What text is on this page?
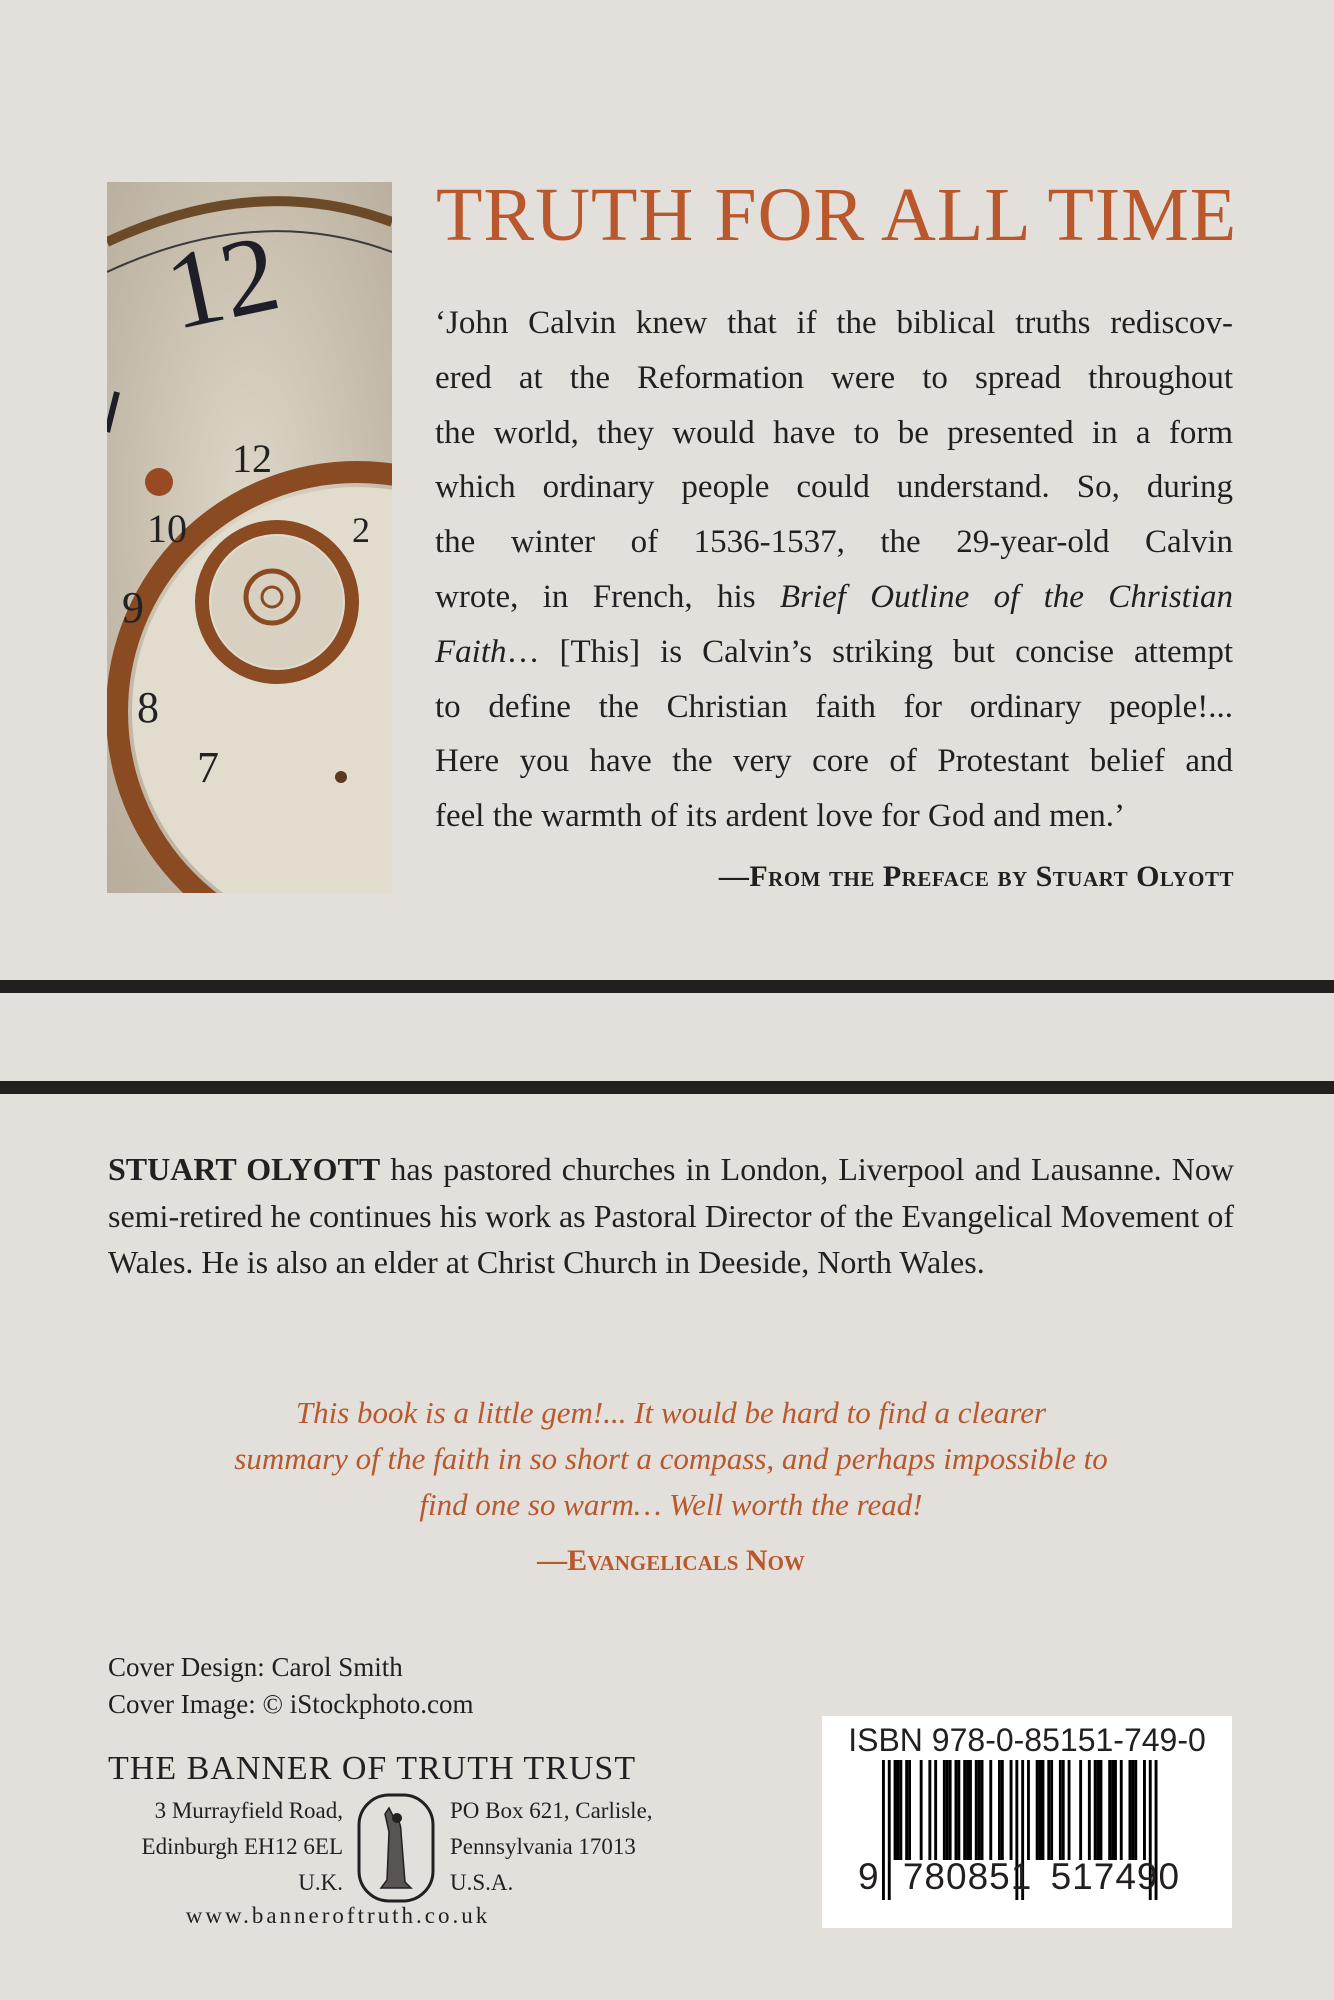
12
12
10
9
8
2
7
TRUTH FOR ALL TIME
‘John Calvin knew that if the biblical truths rediscov-
ered at the Reformation were to spread throughout
the world, they would have to be presented in a form
which ordinary people could understand. So, during
the winter of 1536-1537, the 29-year-old Calvin
wrote, in French, his Brief Outline of the Christian
Faith… [This] is Calvin’s striking but concise attempt
to define the Christian faith for ordinary people!...
Here you have the very core of Protestant belief and
feel the warmth of its ardent love for God and men.’
—From the Preface by Stuart Olyott
STUART OLYOTT has pastored churches in London, Liverpool and Lausanne. Now semi-retired he continues his work as Pastoral Director of the Evangelical Movement of Wales. He is also an elder at Christ Church in Deeside, North Wales.
This book is a little gem!... It would be hard to find a clearer
summary of the faith in so short a compass, and perhaps impossible to
find one so warm… Well worth the read!
—Evangelicals Now
Cover Design: Carol Smith
Cover Image: © iStockphoto.com
THE BANNER OF TRUTH TRUST
3 Murrayfield Road,
Edinburgh EH12 6EL
U.K.
PO Box 621, Carlisle,
Pennsylvania 17013
U.S.A.
www.banneroftruth.co.uk
ISBN 978-0-85151-749-0
9 780851 517490
